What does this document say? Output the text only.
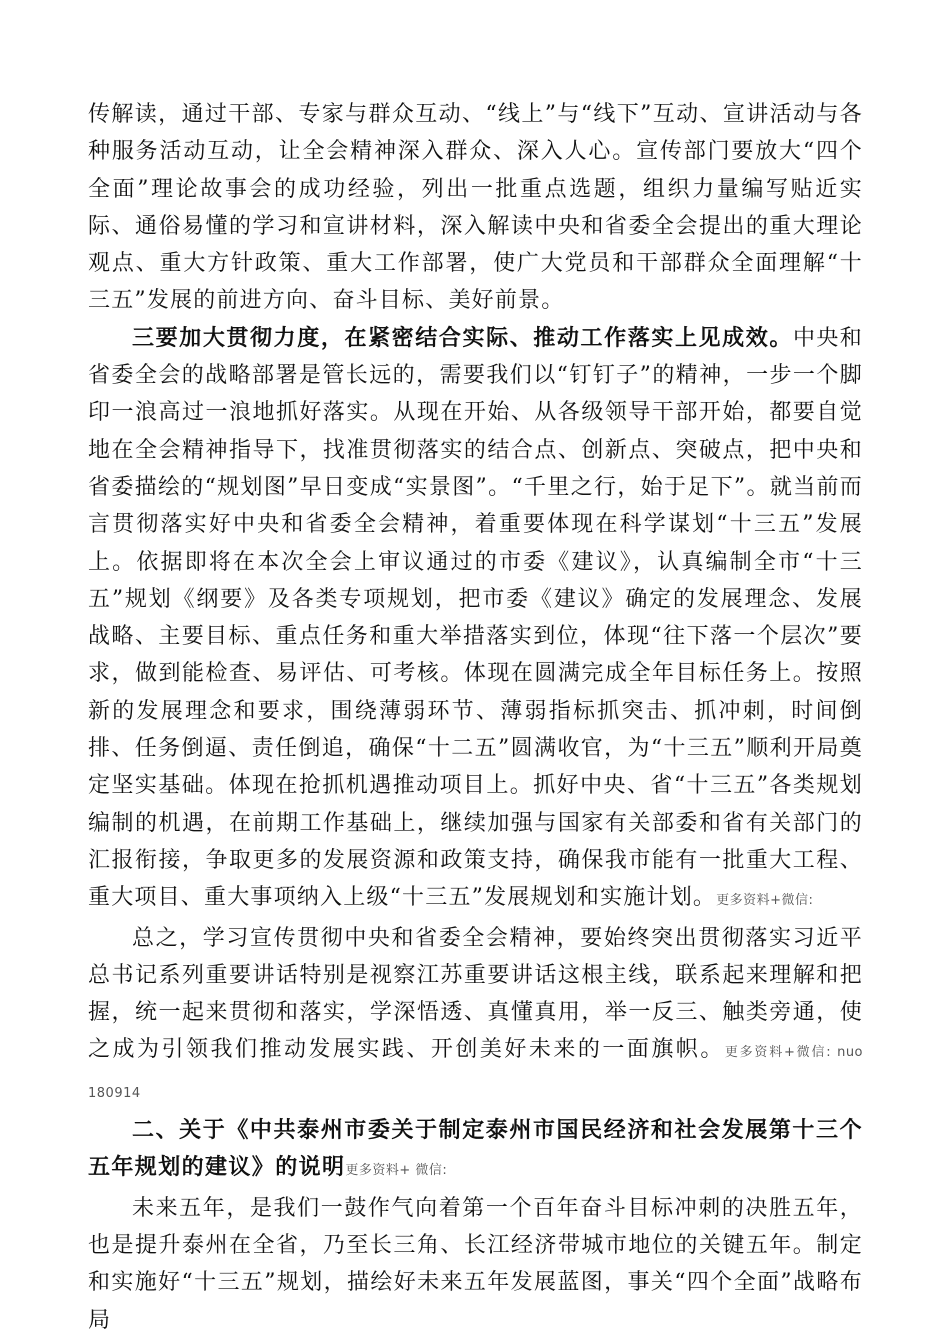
传解读，通过干部、专家与群众互动、“线上”与“线下”互动、宣讲活动与各种服务活动互动，让全会精神深入群众、深入人心。宣传部门要放大“四个全面”理论故事会的成功经验，列出一批重点选题，组织力量编写贴近实际、通俗易懂的学习和宣讲材料，深入解读中央和省委全会提出的重大理论观点、重大方针政策、重大工作部署，使广大党员和干部群众全面理解“十三五”发展的前进方向、奋斗目标、美好前景。

三要加大贯彻力度，在紧密结合实际、推动工作落实上见成效。中央和省委全会的战略部署是管长远的，需要我们以“钉钉子”的精神，一步一个脚印一浪高过一浪地抓好落实。从现在开始、从各级领导干部开始，都要自觉地在全会精神指导下，找准贯彻落实的结合点、创新点、突破点，把中央和省委描绘的“规划图”早日变成“实景图”。“千里之行，始于足下”。就当前而言贯彻落实好中央和省委全会精神，着重要体现在科学谋划“十三五”发展上。依据即将在本次全会上审议通过的市委《建议》，认真编制全市“十三五”规划《纲要》及各类专项规划，把市委《建议》确定的发展理念、发展战略、主要目标、重点任务和重大举措落实到位，体现“往下落一个层次”要求，做到能检查、易评估、可考核。体现在圆满完成全年目标任务上。按照新的发展理念和要求，围绕薄弱环节、薄弱指标抓突击、抓冲刺，时间倒排、任务倒逼、责任倒追，确保“十二五”圆满收官，为“十三五”顺利开局奠定坚实基础。体现在抢抓机遇推动项目上。抓好中央、省“十三五”各类规划编制的机遇，在前期工作基础上，继续加强与国家有关部委和省有关部门的汇报衔接，争取更多的发展资源和政策支持，确保我市能有一批重大工程、重大项目、重大事项纳入上级“十三五”发展规划和实施计划。更多资料+微信:

总之，学习宣传贯彻中央和省委全会精神，要始终突出贯彻落实习近平总书记系列重要讲话特别是视察江苏重要讲话这根主线，联系起来理解和把握，统一起来贯彻和落实，学深悟透、真懂真用，举一反三、触类旁通，使之成为引领我们推动发展实践、开创美好未来的一面旗帜。更多资料+微信: nuo 180914

二、关于《中共泰州市委关于制定泰州市国民经济和社会发展第十三个五年规划的建议》的说明更多资料+ 微信:

未来五年，是我们一鼓作气向着第一个百年奋斗目标冲刺的决胜五年，也是提升泰州在全省，乃至长三角、长江经济带城市地位的关键五年。制定和实施好“十三五”规划，描绘好未来五年发展蓝图，事关“四个全面”战略布局
